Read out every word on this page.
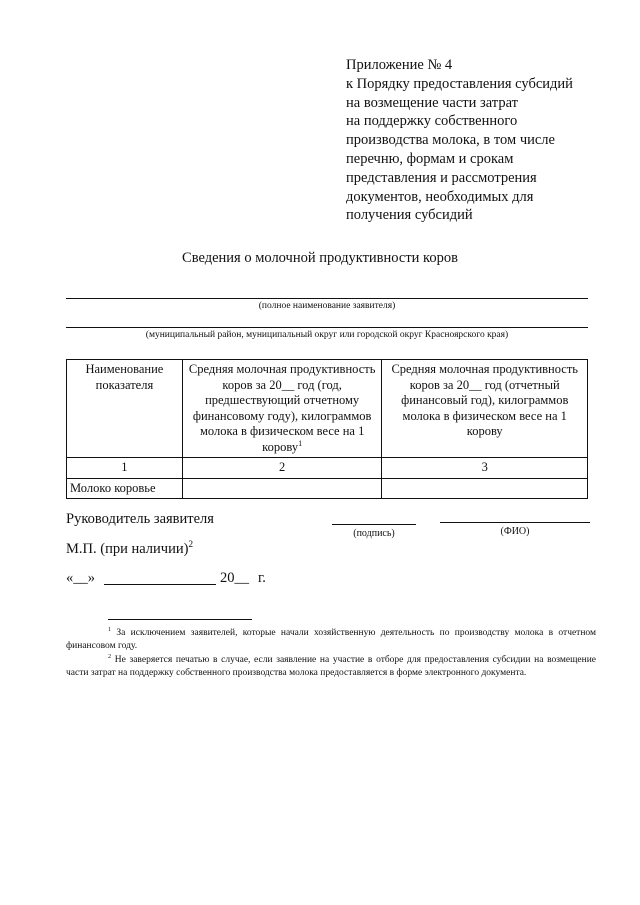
Приложение № 4
к Порядку предоставления субсидий
на возмещение части затрат
на поддержку собственного
производства молока, в том числе
перечню, формам и срокам
представления и рассмотрения
документов, необходимых для
получения субсидий
Сведения о молочной продуктивности коров
(полное наименование заявителя)
(муниципальный район, муниципальный округ или городской округ Красноярского края)
Наименование показателя	Средняя молочная продуктивность коров за 20__ год (год, предшествующий отчетному финансовому году), килограммов молока в физическом весе на 1 корову$^1$	Средняя молочная продуктивность коров за 20__ год (отчетный финансовый год), килограммов молока в физическом весе на 1 корову
1	2	3
Молоко коровье		
Руководитель заявителя
(подпись)	(ФИО)
М.П. (при наличии)$^2$
«__»	20__ г.
$^1$ За исключением заявителей, которые начали хозяйственную деятельность по производству молока в отчетном финансовом году.
$^2$ Не заверяется печатью в случае, если заявление на участие в отборе для предоставления субсидии на возмещение части затрат на поддержку собственного производства молока предоставляется в форме электронного документа.
